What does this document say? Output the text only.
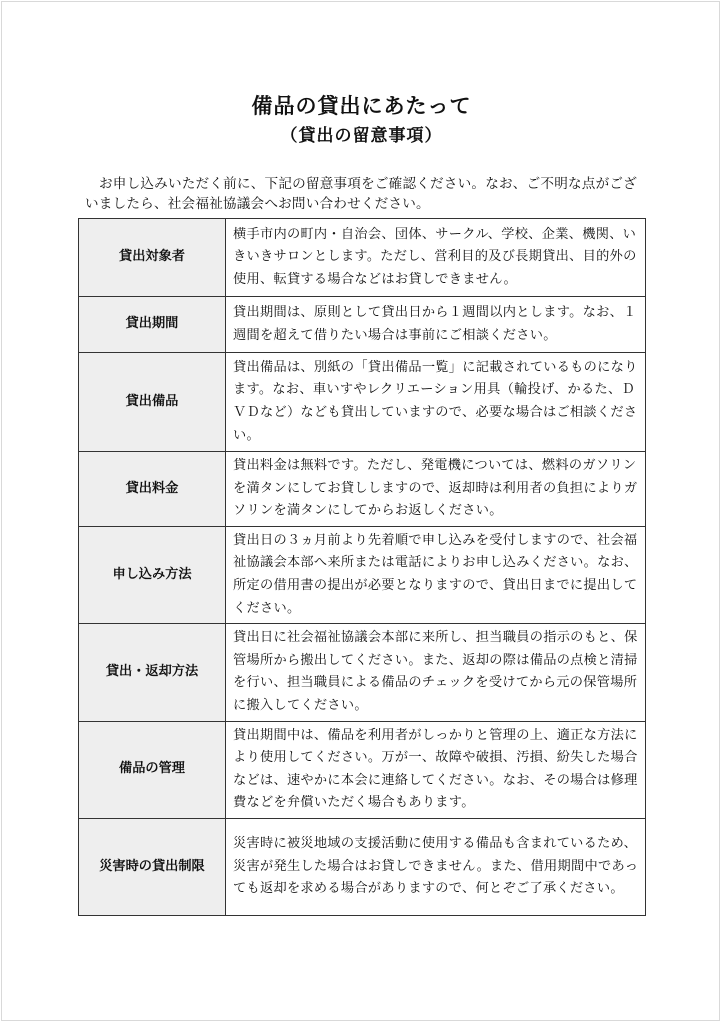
備品の貸出にあたって
（貸出の留意事項）
お申し込みいただく前に、下記の留意事項をご確認ください。なお、ご不明な点がございましたら、社会福祉協議会へお問い合わせください。
貸出対象者	横手市内の町内・自治会、団体、サークル、学校、企業、機関、いきいきサロンとします。ただし、営利目的及び長期貸出、目的外の使用、転貸する場合などはお貸しできません。
貸出期間	貸出期間は、原則として貸出日から１週間以内とします。なお、１週間を超えて借りたい場合は事前にご相談ください。
貸出備品	貸出備品は、別紙の「貸出備品一覧」に記載されているものになります。なお、車いすやレクリエーション用具（輪投げ、かるた、ＤＶＤなど）なども貸出していますので、必要な場合はご相談ください。
貸出料金	貸出料金は無料です。ただし、発電機については、燃料のガソリンを満タンにしてお貸ししますので、返却時は利用者の負担によりガソリンを満タンにしてからお返しください。
申し込み方法	貸出日の３ヵ月前より先着順で申し込みを受付しますので、社会福祉協議会本部へ来所または電話によりお申し込みください。なお、所定の借用書の提出が必要となりますので、貸出日までに提出してください。
貸出・返却方法	貸出日に社会福祉協議会本部に来所し、担当職員の指示のもと、保管場所から搬出してください。また、返却の際は備品の点検と清掃を行い、担当職員による備品のチェックを受けてから元の保管場所に搬入してください。
備品の管理	貸出期間中は、備品を利用者がしっかりと管理の上、適正な方法により使用してください。万が一、故障や破損、汚損、紛失した場合などは、速やかに本会に連絡してください。なお、その場合は修理費などを弁償いただく場合もあります。
災害時の貸出制限	災害時に被災地域の支援活動に使用する備品も含まれているため、災害が発生した場合はお貸しできません。また、借用期間中であっても返却を求める場合がありますので、何とぞご了承ください。
